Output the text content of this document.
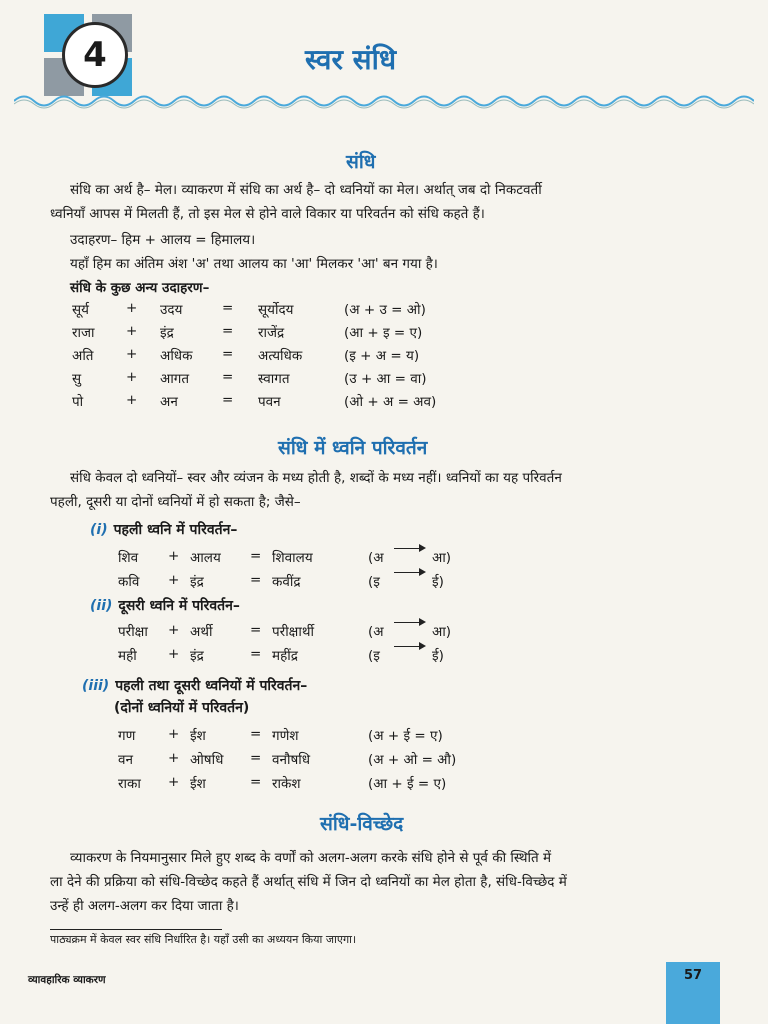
4	स्वर संधि
संधि

संधि का अर्थ है– मेल। व्याकरण में संधि का अर्थ है– दो ध्वनियों का मेल। अर्थात् जब दो निकटवर्ती

ध्वनियाँ आपस में मिलती हैं, तो इस मेल से होने वाले विकार या परिवर्तन को संधि कहते हैं।

उदाहरण– हिम + आलय = हिमालय।

यहाँ हिम का अंतिम अंश 'अ' तथा आलय का 'आ' मिलकर 'आ' बन गया है।

संधि के कुछ अन्य उदाहरण–

सूर्य	+ उदय	= सूर्योदय	(अ + उ = ओ)
राजा + इंद्र	= राजेंद्र	(आ + इ = ए)
अति + अधिक = अत्यधिक	(इ + अ = य)
सु	+ आगत = स्वागत	(उ + आ = वा)
पो	+ अन	= पवन	(ओ + अ = अव)
संधि में ध्वनि परिवर्तन

संधि केवल दो ध्वनियों– स्वर और व्यंजन के मध्य होती है, शब्दों के मध्य नहीं। ध्वनियों का यह परिवर्तन

पहली, दूसरी या दोनों ध्वनियों में हो सकता है; जैसे–

(i) पहली ध्वनि में परिवर्तन–
(ii) दूसरी ध्वनि में परिवर्तन–
(iii) पहली तथा दूसरी ध्वनियों में परिवर्तन–
(दोनों ध्वनियों में परिवर्तन)
शिव + आलय = शिवालय	(अ	आ)
कवि + इंद्र	= कवींद्र	(इ	ई)
परीक्षा + अर्थी	= परीक्षार्थी	(अ	आ)
मही + इंद्र	= महींद्र	(इ	ई)
गण + ईश	= गणेश	(अ + ई = ए)
वन	+ ओषधि = वनौषधि	(अ + ओ = औ)
राका + ईश	= राकेश	(आ + ई = ए)
संधि-विच्छेद

व्याकरण के नियमानुसार मिले हुए शब्द के वर्णों को अलग-अलग करके संधि होने से पूर्व की स्थिति में

ला देने की प्रक्रिया को संधि-विच्छेद कहते हैं अर्थात् संधि में जिन दो ध्वनियों का मेल होता है, संधि-विच्छेद में

उन्हें ही अलग-अलग कर दिया जाता है।

पाठ्यक्रम में केवल स्वर संधि निर्धारित है। यहाँ उसी का अध्ययन किया जाएगा।
व्यावहारिक व्याकरण	57
